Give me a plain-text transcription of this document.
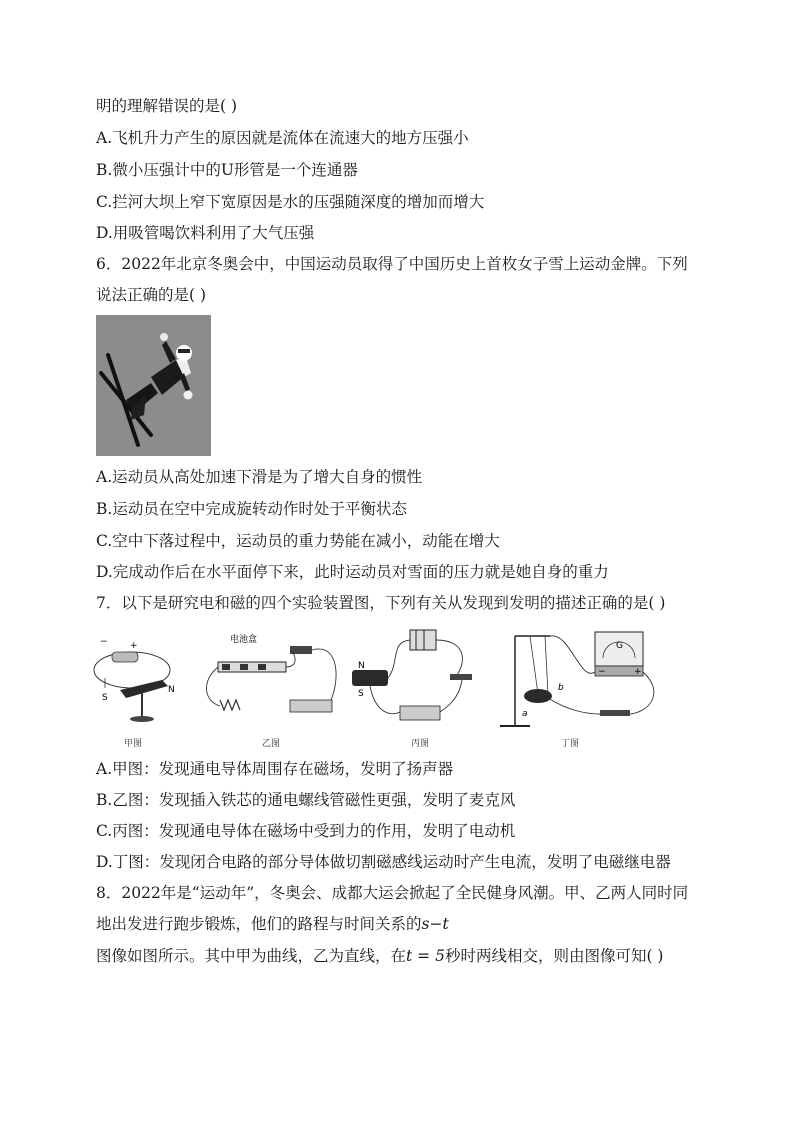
明的理解错误的是( )
A.飞机升力产生的原因就是流体在流速大的地方压强小
B.微小压强计中的U形管是一个连通器
C.拦河大坝上窄下宽原因是水的压强随深度的增加而增大
D.用吸管喝饮料利用了大气压强
6．2022年北京冬奥会中，中国运动员取得了中国历史上首枚女子雪上运动金牌。下列
说法正确的是( )
A.运动员从高处加速下滑是为了增大自身的惯性
B.运动员在空中完成旋转动作时处于平衡状态
C.空中下落过程中，运动员的重力势能在减小，动能在增大
D.完成动作后在水平面停下来，此时运动员对雪面的压力就是她自身的重力
7．以下是研究电和磁的四个实验装置图，下列有关从发现到发明的描述正确的是( )
− +
N
S
电池盒
N
S
a
b
G
−	+
甲图	乙图	丙图	丁图
A.甲图：发现通电导体周围存在磁场，发明了扬声器
B.乙图：发现插入铁芯的通电螺线管磁性更强，发明了麦克风
C.丙图：发现通电导体在磁场中受到力的作用，发明了电动机
D.丁图：发现闭合电路的部分导体做切割磁感线运动时产生电流，发明了电磁继电器
8．2022年是“运动年”，冬奥会、成都大运会掀起了全民健身风潮。甲、乙两人同时同
地出发进行跑步锻炼，他们的路程与时间关系的s−t
图像如图所示。其中甲为曲线，乙为直线，在t = 5秒时两线相交，则由图像可知( )
